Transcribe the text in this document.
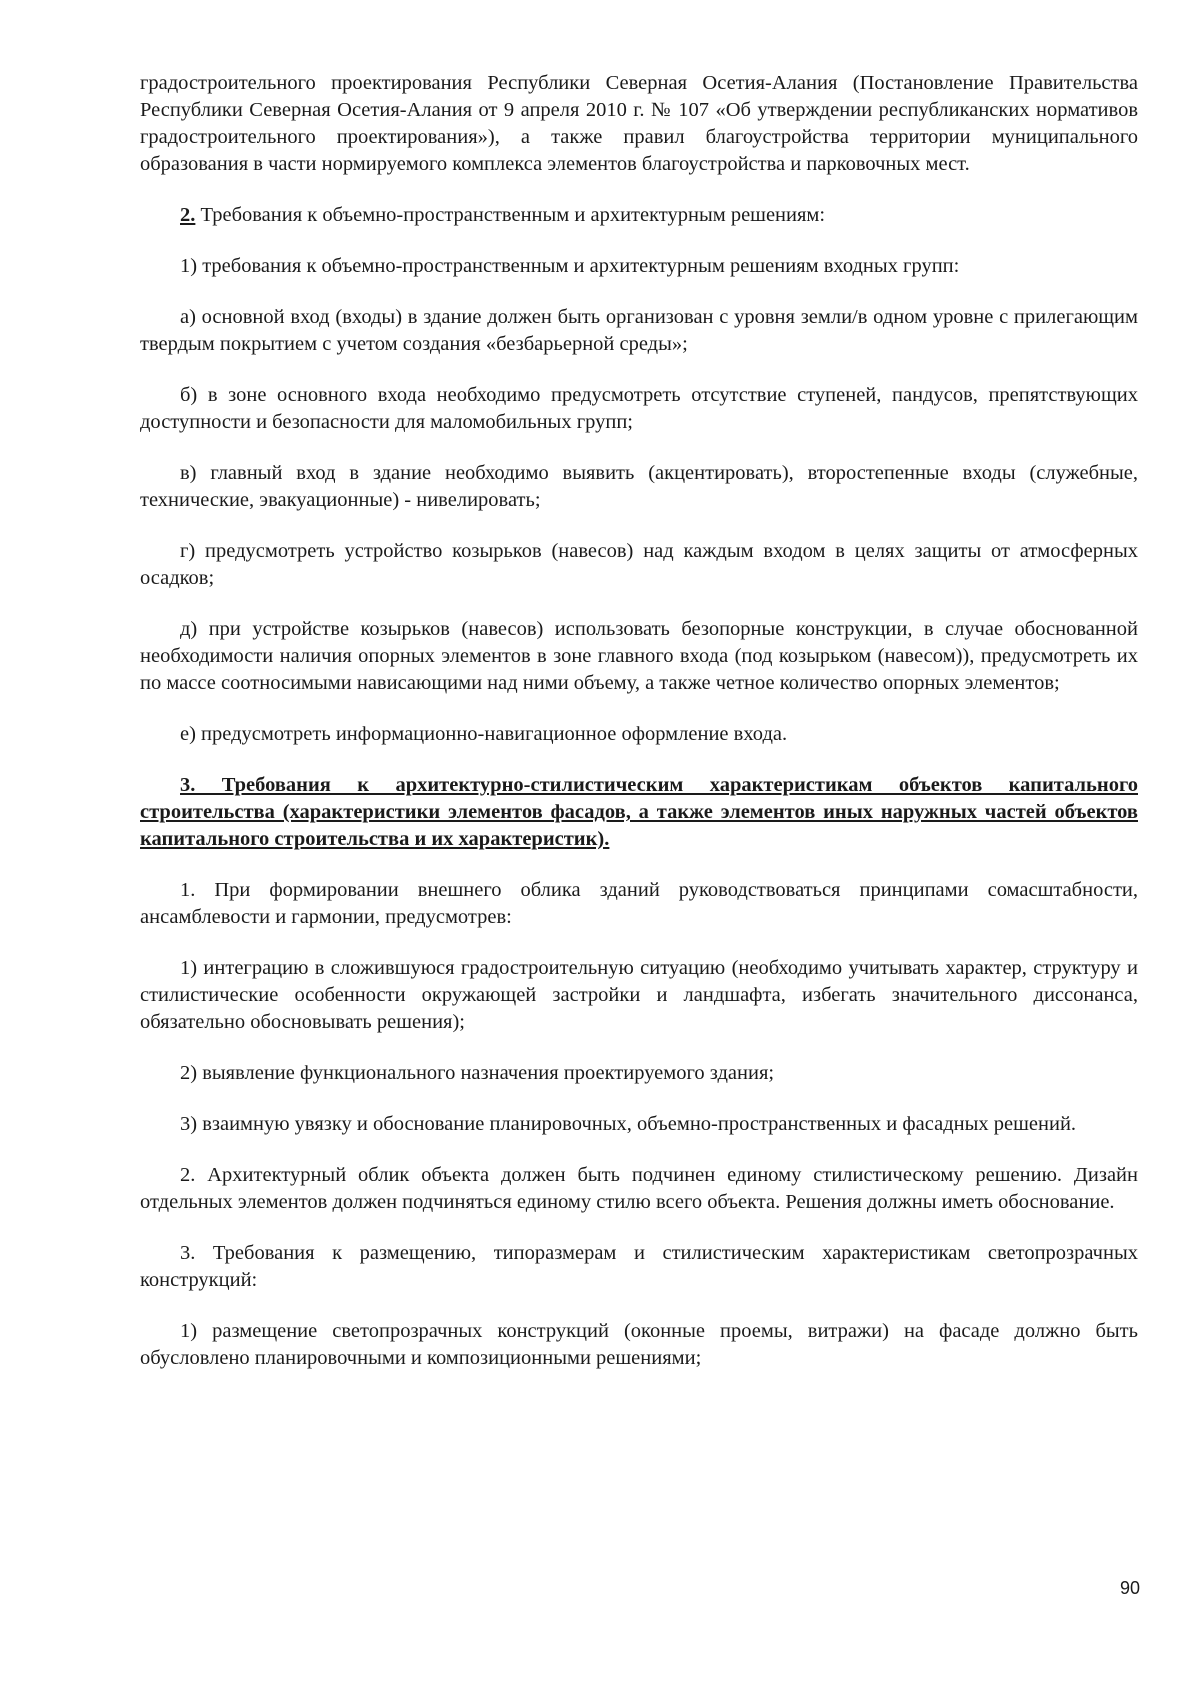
градостроительного проектирования Республики Северная Осетия-Алания (Постановление Правительства Республики Северная Осетия-Алания от 9 апреля 2010 г. № 107 «Об утверждении республиканских нормативов градостроительного проектирования»), а также правил благоустройства территории муниципального образования в части нормируемого комплекса элементов благоустройства и парковочных мест.

2. Требования к объемно-пространственным и архитектурным решениям:

1) требования к объемно-пространственным и архитектурным решениям входных групп:

а) основной вход (входы) в здание должен быть организован с уровня земли/в одном уровне с прилегающим твердым покрытием с учетом создания «безбарьерной среды»;

б) в зоне основного входа необходимо предусмотреть отсутствие ступеней, пандусов, препятствующих доступности и безопасности для маломобильных групп;

в) главный вход в здание необходимо выявить (акцентировать), второстепенные входы (служебные, технические, эвакуационные) - нивелировать;

г) предусмотреть устройство козырьков (навесов) над каждым входом в целях защиты от атмосферных осадков;

д) при устройстве козырьков (навесов) использовать безопорные конструкции, в случае обоснованной необходимости наличия опорных элементов в зоне главного входа (под козырьком (навесом)), предусмотреть их по массе соотносимыми нависающими над ними объему, а также четное количество опорных элементов;

е) предусмотреть информационно-навигационное оформление входа.

3. Требования к архитектурно-стилистическим характеристикам объектов капитального строительства (характеристики элементов фасадов, а также элементов иных наружных частей объектов капитального строительства и их характеристик).

1. При формировании внешнего облика зданий руководствоваться принципами сомасштабности, ансамблевости и гармонии, предусмотрев:

1) интеграцию в сложившуюся градостроительную ситуацию (необходимо учитывать характер, структуру и стилистические особенности окружающей застройки и ландшафта, избегать значительного диссонанса, обязательно обосновывать решения);

2) выявление функционального назначения проектируемого здания;

3) взаимную увязку и обоснование планировочных, объемно-пространственных и фасадных решений.

2. Архитектурный облик объекта должен быть подчинен единому стилистическому решению. Дизайн отдельных элементов должен подчиняться единому стилю всего объекта. Решения должны иметь обоснование.

3. Требования к размещению, типоразмерам и стилистическим характеристикам светопрозрачных конструкций:

1) размещение светопрозрачных конструкций (оконные проемы, витражи) на фасаде должно быть обусловлено планировочными и композиционными решениями;

90
